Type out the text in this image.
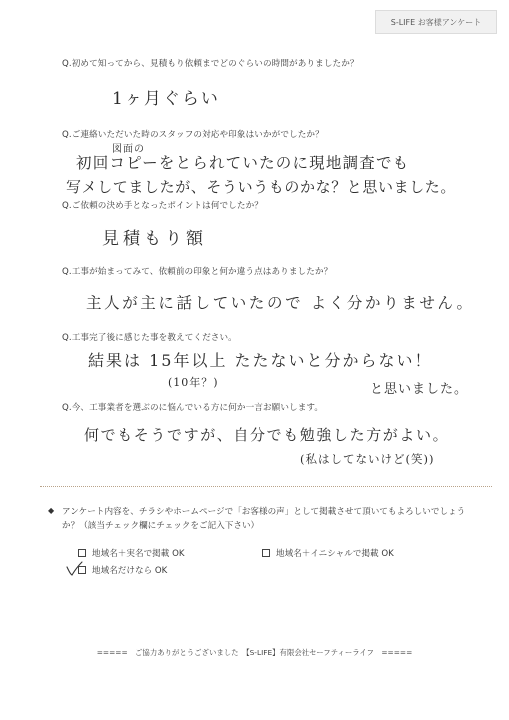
S-LIFE お客様アンケート
Q.初めて知ってから、見積もり依頼までどのぐらいの時間がありましたか？
1ヶ月ぐらい
Q.ご連絡いただいた時のスタッフの対応や印象はいかがでしたか？
図面の
初回コピーをとられていたのに現地調査でも
写メしてましたが、そういうものかな？と思いました。
Q.ご依頼の決め手となったポイントは何でしたか？
見積もり額
Q.工事が始まってみて、依頼前の印象と何か違う点はありましたか？
主人が主に話していたので よく分かりません。
Q.工事完了後に感じた事を教えてください。
結果は 15年以上 たたないと分からない！
(10年？)	と思いました。
Q.今、工事業者を選ぶのに悩んでいる方に何か一言お願いします。
何でもそうですが、自分でも勉強した方がよい。
(私はしてないけど(笑))
◆ アンケート内容を、チラシやホームページで「お客様の声」として掲載させて頂いてもよろしいでしょうか？（該当チェック欄にチェックをご記入下さい）
地域名＋実名で掲載 OK	地域名＋イニシャルで掲載 OK
地域名だけなら OK
=====　ご協力ありがとうございました　【S-LIFE】有限会社セーフティーライフ　=====
